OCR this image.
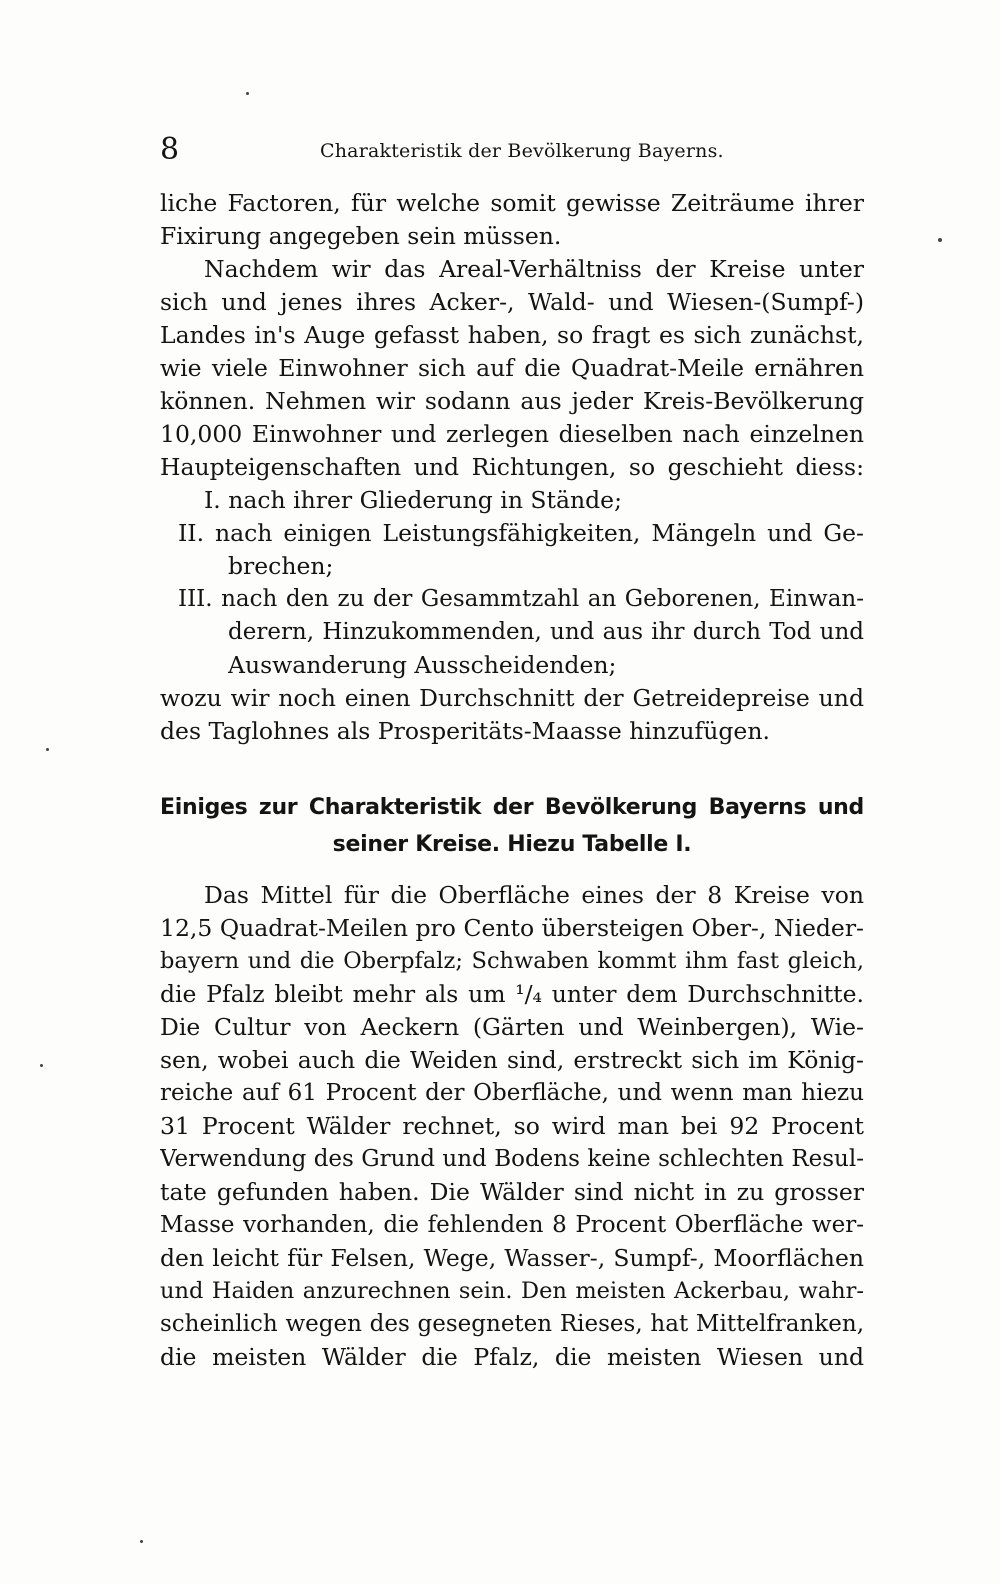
8	Charakteristik der Bevölkerung Bayerns.
liche Factoren, für welche somit gewisse Zeiträume ihrer
Fixirung angegeben sein müssen.
Nachdem wir das Areal-Verhältniss der Kreise unter
sich und jenes ihres Acker-, Wald- und Wiesen-(Sumpf-)
Landes in's Auge gefasst haben, so fragt es sich zunächst,
wie viele Einwohner sich auf die Quadrat-Meile ernähren
können. Nehmen wir sodann aus jeder Kreis-Bevölkerung
10,000 Einwohner und zerlegen dieselben nach einzelnen
Haupteigenschaften und Richtungen, so geschieht diess:
I. nach ihrer Gliederung in Stände;
II. nach einigen Leistungsfähigkeiten, Mängeln und Ge-
brechen;
III. nach den zu der Gesammtzahl an Geborenen, Einwan-
derern, Hinzukommenden, und aus ihr durch Tod und
Auswanderung Ausscheidenden;
wozu wir noch einen Durchschnitt der Getreidepreise und
des Taglohnes als Prosperitäts-Maasse hinzufügen.
Einiges zur Charakteristik der Bevölkerung Bayerns und
seiner Kreise. Hiezu Tabelle I.
Das Mittel für die Oberfläche eines der 8 Kreise von
12,5 Quadrat-Meilen pro Cento übersteigen Ober-, Nieder-
bayern und die Oberpfalz; Schwaben kommt ihm fast gleich,
die Pfalz bleibt mehr als um ¹/₄ unter dem Durchschnitte.
Die Cultur von Aeckern (Gärten und Weinbergen), Wie-
sen, wobei auch die Weiden sind, erstreckt sich im König-
reiche auf 61 Procent der Oberfläche, und wenn man hiezu
31 Procent Wälder rechnet, so wird man bei 92 Procent
Verwendung des Grund und Bodens keine schlechten Resul-
tate gefunden haben. Die Wälder sind nicht in zu grosser
Masse vorhanden, die fehlenden 8 Procent Oberfläche wer-
den leicht für Felsen, Wege, Wasser-, Sumpf-, Moorflächen
und Haiden anzurechnen sein. Den meisten Ackerbau, wahr-
scheinlich wegen des gesegneten Rieses, hat Mittelfranken,
die meisten Wälder die Pfalz, die meisten Wiesen und
